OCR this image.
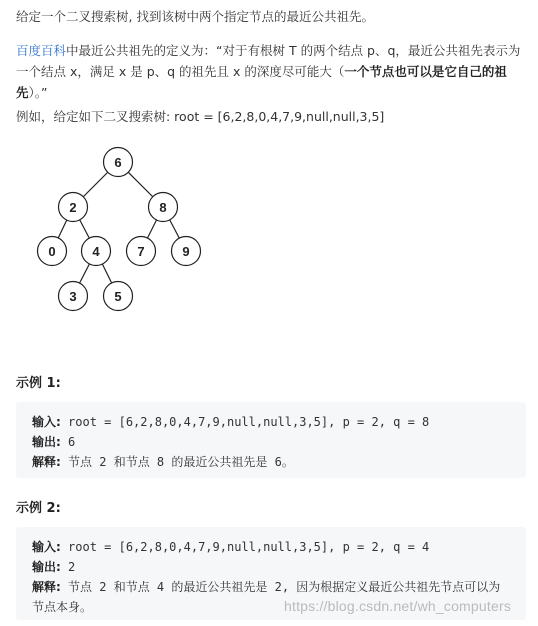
给定一个二叉搜索树, 找到该树中两个指定节点的最近公共祖先。
百度百科中最近公共祖先的定义为：“对于有根树 T 的两个结点 p、q，最近公共祖先表示为一个结点 x，满足 x 是 p、q 的祖先且 x 的深度尽可能大（一个节点也可以是它自己的祖先）。”
例如，给定如下二叉搜索树: root = [6,2,8,0,4,7,9,null,null,3,5]
6
2	8
0	4	7	9
3	5
示例 1:
输入: root = [6,2,8,0,4,7,9,null,null,3,5], p = 2, q = 8
输出: 6
解释: 节点 2 和节点 8 的最近公共祖先是 6。
示例 2:
输入: root = [6,2,8,0,4,7,9,null,null,3,5], p = 2, q = 4
输出: 2
解释: 节点 2 和节点 4 的最近公共祖先是 2, 因为根据定义最近公共祖先节点可以为节点本身。	https://blog.csdn.net/wh_computers
